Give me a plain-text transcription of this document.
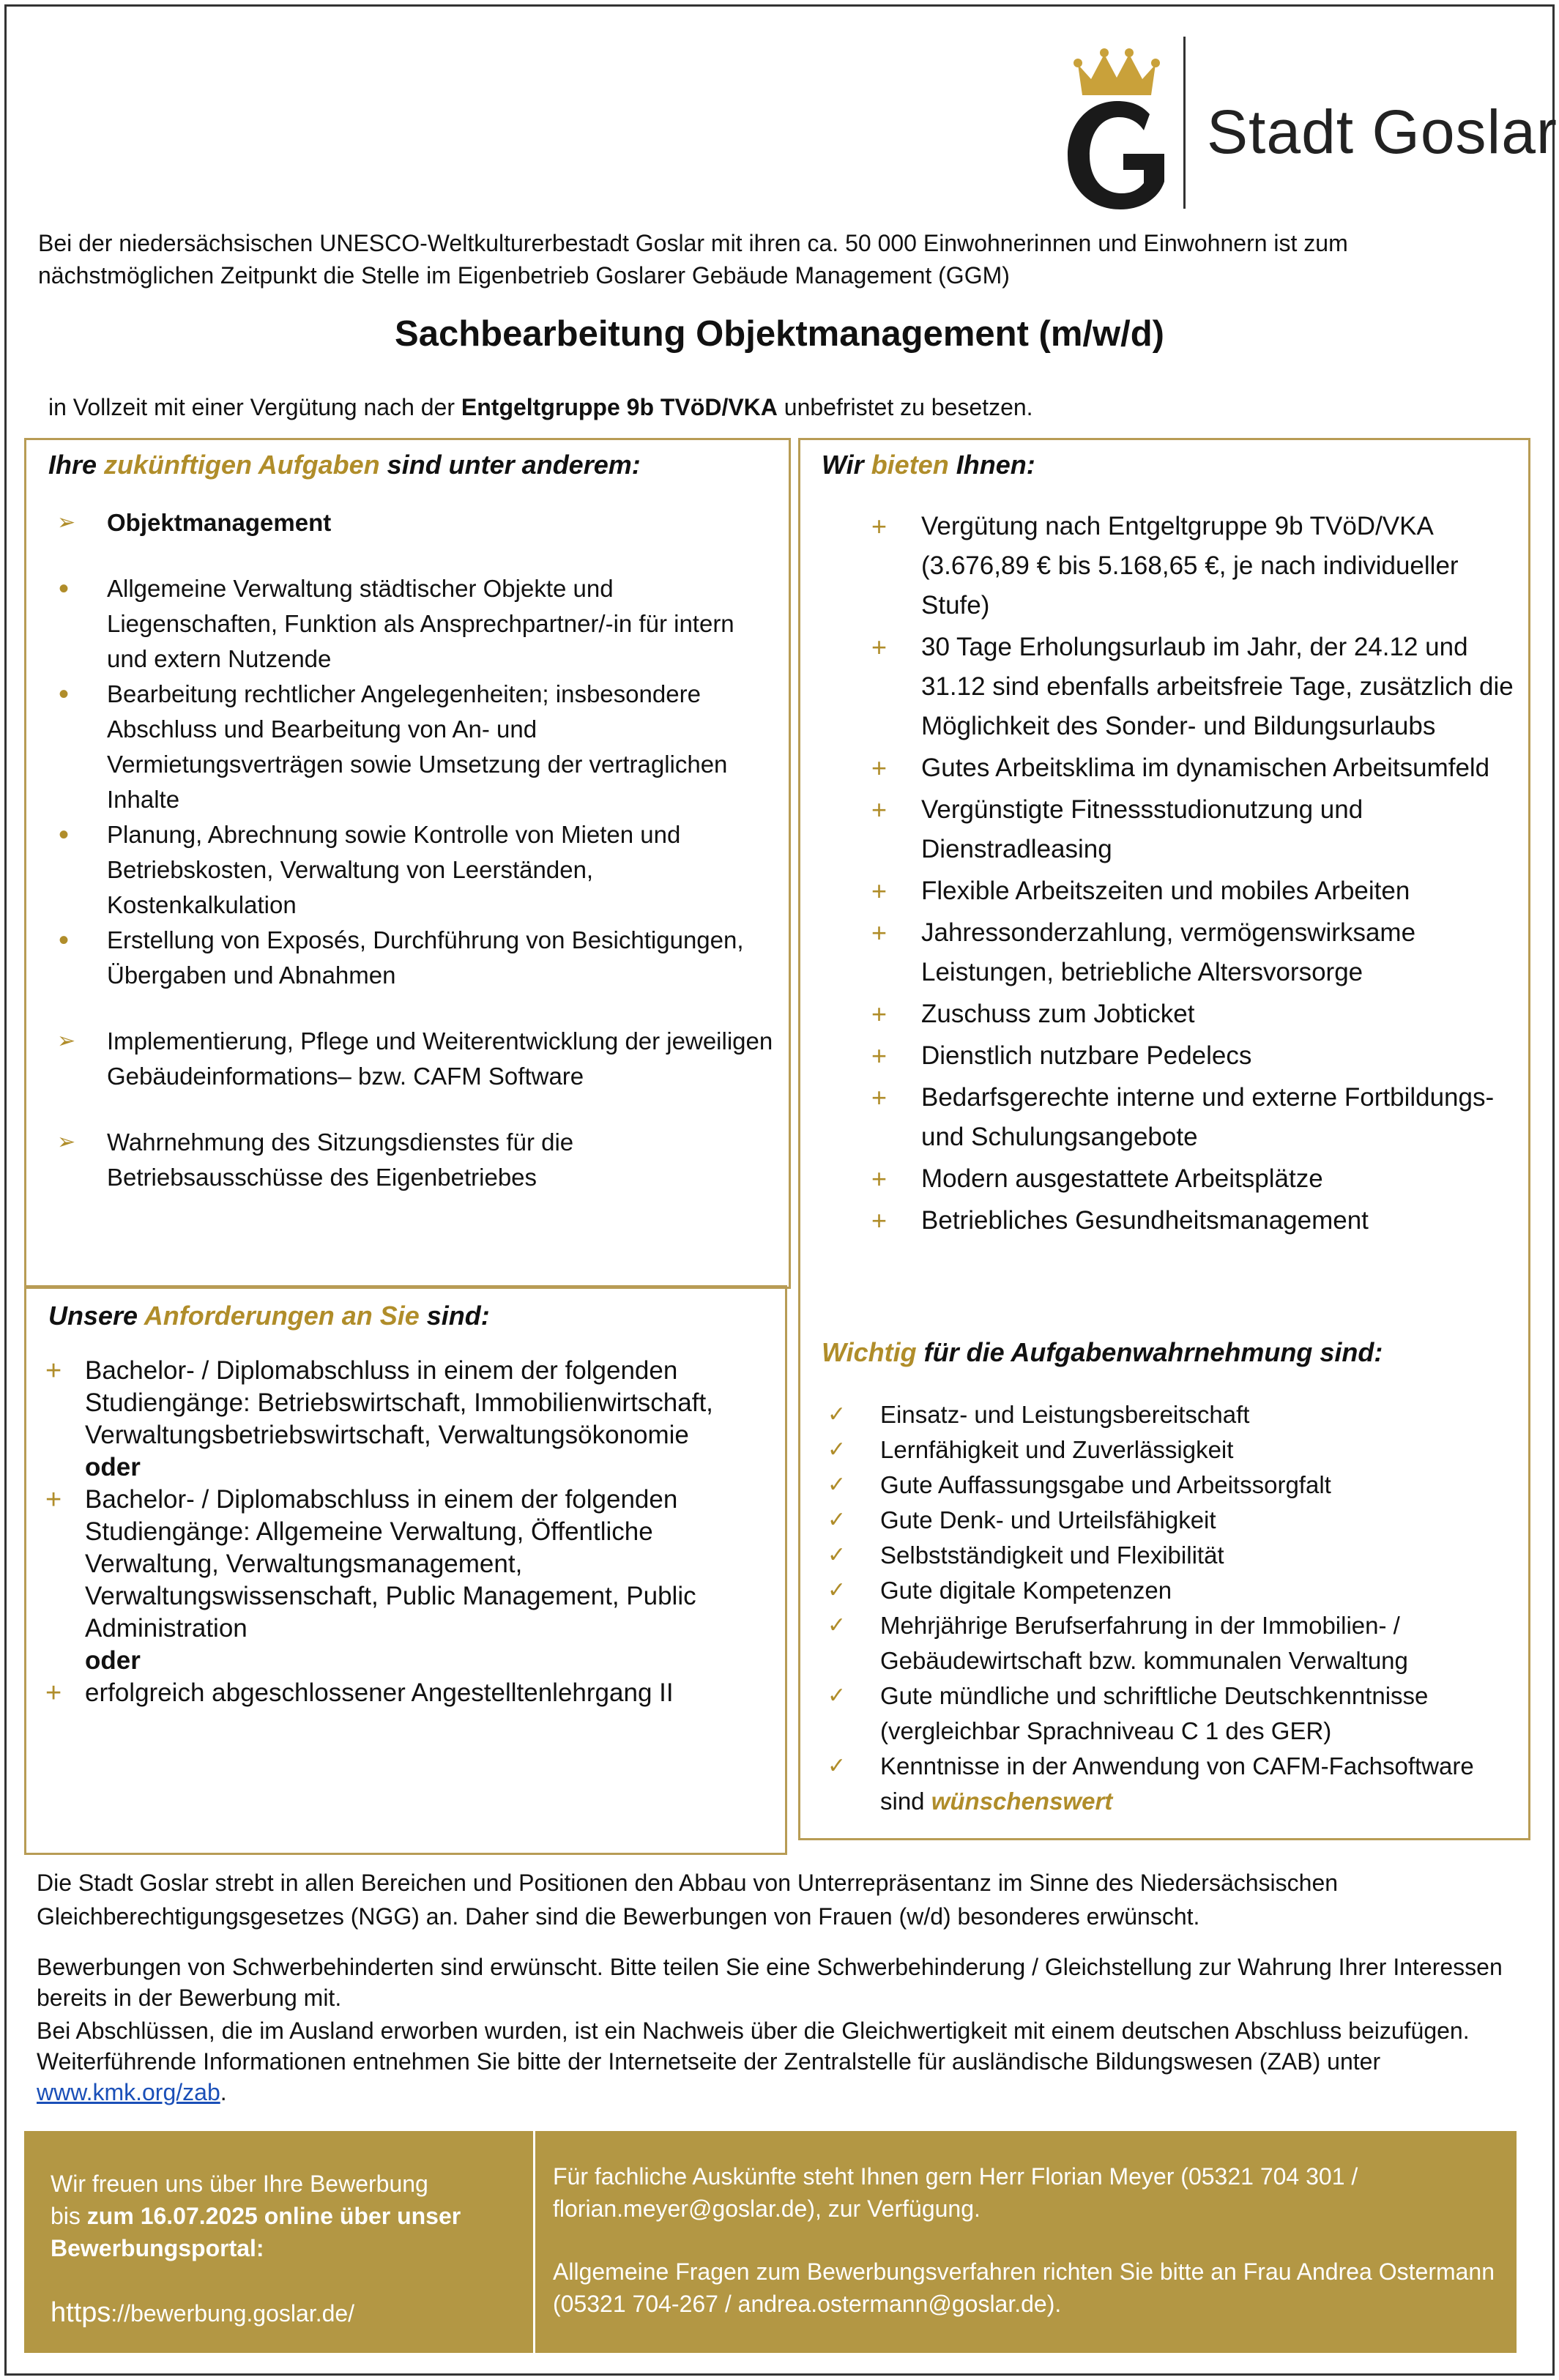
Stadt Goslar
Bei der niedersächsischen UNESCO-Weltkulturerbestadt Goslar mit ihren ca. 50 000 Einwohnerinnen und Einwohnern ist zum nächstmöglichen Zeitpunkt die Stelle im Eigenbetrieb Goslarer Gebäude Management (GGM)
Sachbearbeitung Objektmanagement (m/w/d)
in Vollzeit mit einer Vergütung nach der Entgeltgruppe 9b TVöD/VKA unbefristet zu besetzen.
Ihre zukünftigen Aufgaben sind unter anderem:
➢ Objektmanagement
• Allgemeine Verwaltung städtischer Objekte und Liegenschaften, Funktion als Ansprechpartner/-in für intern und extern Nutzende
• Bearbeitung rechtlicher Angelegenheiten; insbesondere Abschluss und Bearbeitung von An- und Vermietungsverträgen sowie Umsetzung der vertraglichen Inhalte
• Planung, Abrechnung sowie Kontrolle von Mieten und Betriebskosten, Verwaltung von Leerständen, Kostenkalkulation
• Erstellung von Exposés, Durchführung von Besichtigungen, Übergaben und Abnahmen
➢ Implementierung, Pflege und Weiterentwicklung der jeweiligen Gebäudeinformations– bzw. CAFM Software
➢ Wahrnehmung des Sitzungsdienstes für die Betriebsausschüsse des Eigenbetriebes
Unsere Anforderungen an Sie sind:
+ Bachelor- / Diplomabschluss in einem der folgenden Studiengänge: Betriebswirtschaft, Immobilienwirtschaft, Verwaltungsbetriebswirtschaft, Verwaltungsökonomie
oder
+ Bachelor- / Diplomabschluss in einem der folgenden Studiengänge: Allgemeine Verwaltung, Öffentliche Verwaltung, Verwaltungsmanagement, Verwaltungswissenschaft, Public Management, Public Administration
oder
+ erfolgreich abgeschlossener Angestelltenlehrgang II
Wir bieten Ihnen:
+ Vergütung nach Entgeltgruppe 9b TVöD/VKA (3.676,89 € bis 5.168,65 €, je nach individueller Stufe)
+ 30 Tage Erholungsurlaub im Jahr, der 24.12 und 31.12 sind ebenfalls arbeitsfreie Tage, zusätzlich die Möglichkeit des Sonder- und Bildungsurlaubs
+ Gutes Arbeitsklima im dynamischen Arbeitsumfeld
+ Vergünstigte Fitnessstudionutzung und Dienstradleasing
+ Flexible Arbeitszeiten und mobiles Arbeiten
+ Jahressonderzahlung, vermögenswirksame Leistungen, betriebliche Altersvorsorge
+ Zuschuss zum Jobticket
+ Dienstlich nutzbare Pedelecs
+ Bedarfsgerechte interne und externe Fortbildungs- und Schulungsangebote
+ Modern ausgestattete Arbeitsplätze
+ Betriebliches Gesundheitsmanagement
Wichtig für die Aufgabenwahrnehmung sind:
✓ Einsatz- und Leistungsbereitschaft
✓ Lernfähigkeit und Zuverlässigkeit
✓ Gute Auffassungsgabe und Arbeitssorgfalt
✓ Gute Denk- und Urteilsfähigkeit
✓ Selbstständigkeit und Flexibilität
✓ Gute digitale Kompetenzen
✓ Mehrjährige Berufserfahrung in der Immobilien- / Gebäudewirtschaft bzw. kommunalen Verwaltung
✓ Gute mündliche und schriftliche Deutschkenntnisse (vergleichbar Sprachniveau C 1 des GER)
✓ Kenntnisse in der Anwendung von CAFM-Fachsoftware sind wünschenswert
Die Stadt Goslar strebt in allen Bereichen und Positionen den Abbau von Unterrepräsentanz im Sinne des Niedersächsischen Gleichberechtigungsgesetzes (NGG) an. Daher sind die Bewerbungen von Frauen (w/d) besonderes erwünscht.
Bewerbungen von Schwerbehinderten sind erwünscht. Bitte teilen Sie eine Schwerbehinderung / Gleichstellung zur Wahrung Ihrer Interessen bereits in der Bewerbung mit.
Bei Abschlüssen, die im Ausland erworben wurden, ist ein Nachweis über die Gleichwertigkeit mit einem deutschen Abschluss beizufügen. Weiterführende Informationen entnehmen Sie bitte der Internetseite der Zentralstelle für ausländische Bildungswesen (ZAB) unter www.kmk.org/zab.
Wir freuen uns über Ihre Bewerbung
bis zum 16.07.2025 online über unser Bewerbungsportal:
https://bewerbung.goslar.de/
Für fachliche Auskünfte steht Ihnen gern Herr Florian Meyer (05321 704 301 / florian.meyer@goslar.de), zur Verfügung.
Allgemeine Fragen zum Bewerbungsverfahren richten Sie bitte an Frau Andrea Ostermann (05321 704-267 / andrea.ostermann@goslar.de).
